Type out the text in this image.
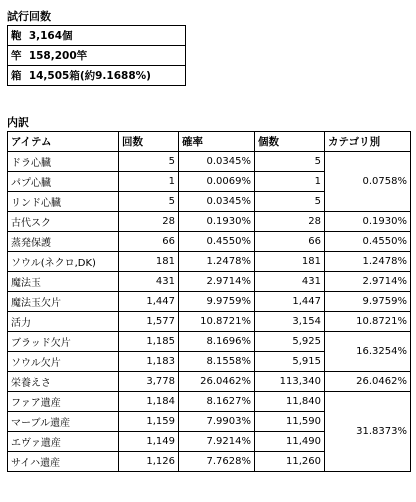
試行回数
鞄 3,164個
竿 158,200竿
箱 14,505箱(約9.1688%)
内訳
アイテム	回数	確率	個数	カテゴリ別
ドラ心臓	5	0.0345%	5	0.0758%
パプ心臓	1	0.0069%	1	
リンド心臓	5	0.0345%	5	
古代スク	28	0.1930%	28	0.1930%
蒸発保護	66	0.4550%	66	0.4550%
ソウル(ネクロ,DK)	181	1.2478%	181	1.2478%
魔法玉	431	2.9714%	431	2.9714%
魔法玉欠片	1,447	9.9759%	1,447	9.9759%
活力	1,577	10.8721%	3,154	10.8721%
ブラッド欠片	1,185	8.1696%	5,925	16.3254%
ソウル欠片	1,183	8.1558%	5,915	
栄養えさ	3,778	26.0462%	113,340	26.0462%
ファア遺産	1,184	8.1627%	11,840	31.8373%
マーブル遺産	1,159	7.9903%	11,590	
エヴァ遺産	1,149	7.9214%	11,490	
サイハ遺産	1,126	7.7628%	11,260	
